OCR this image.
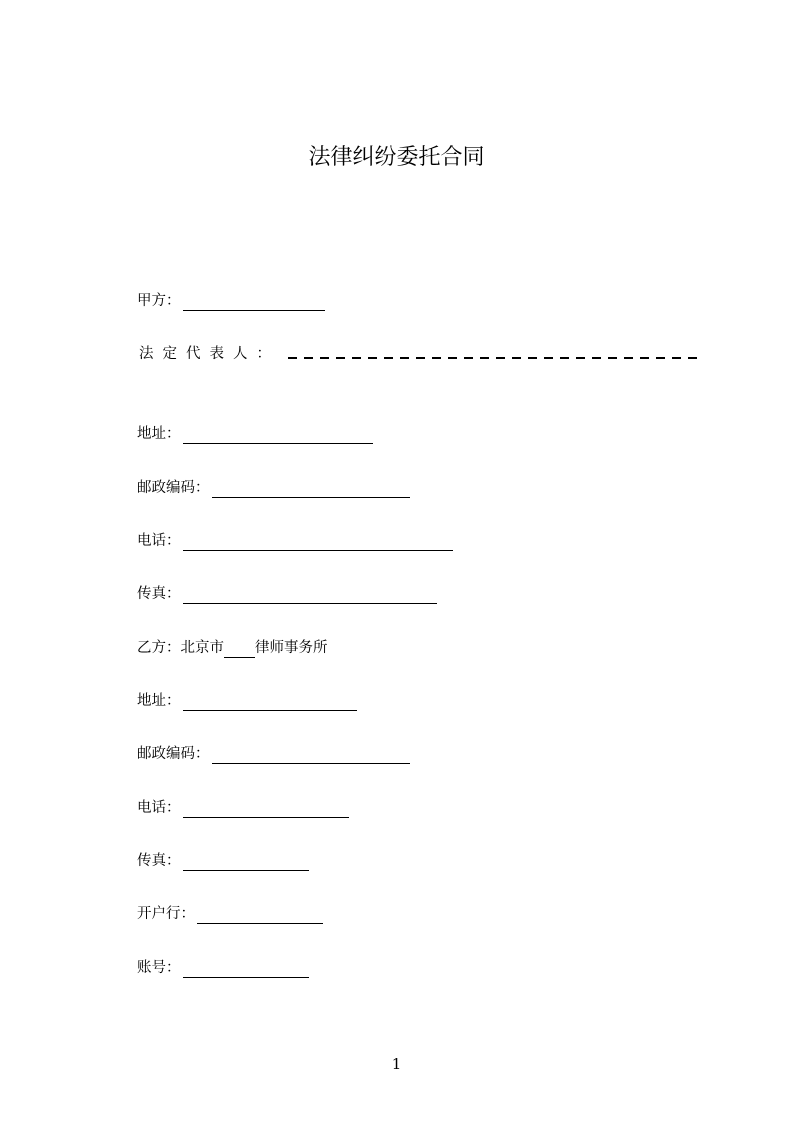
法律纠纷委托合同
甲方：
法定代表人：
地址：
邮政编码：
电话：
传真：
乙方：北京市 律师事务所
地址：
邮政编码：
电话：
传真：
开户行：
账号：
1
